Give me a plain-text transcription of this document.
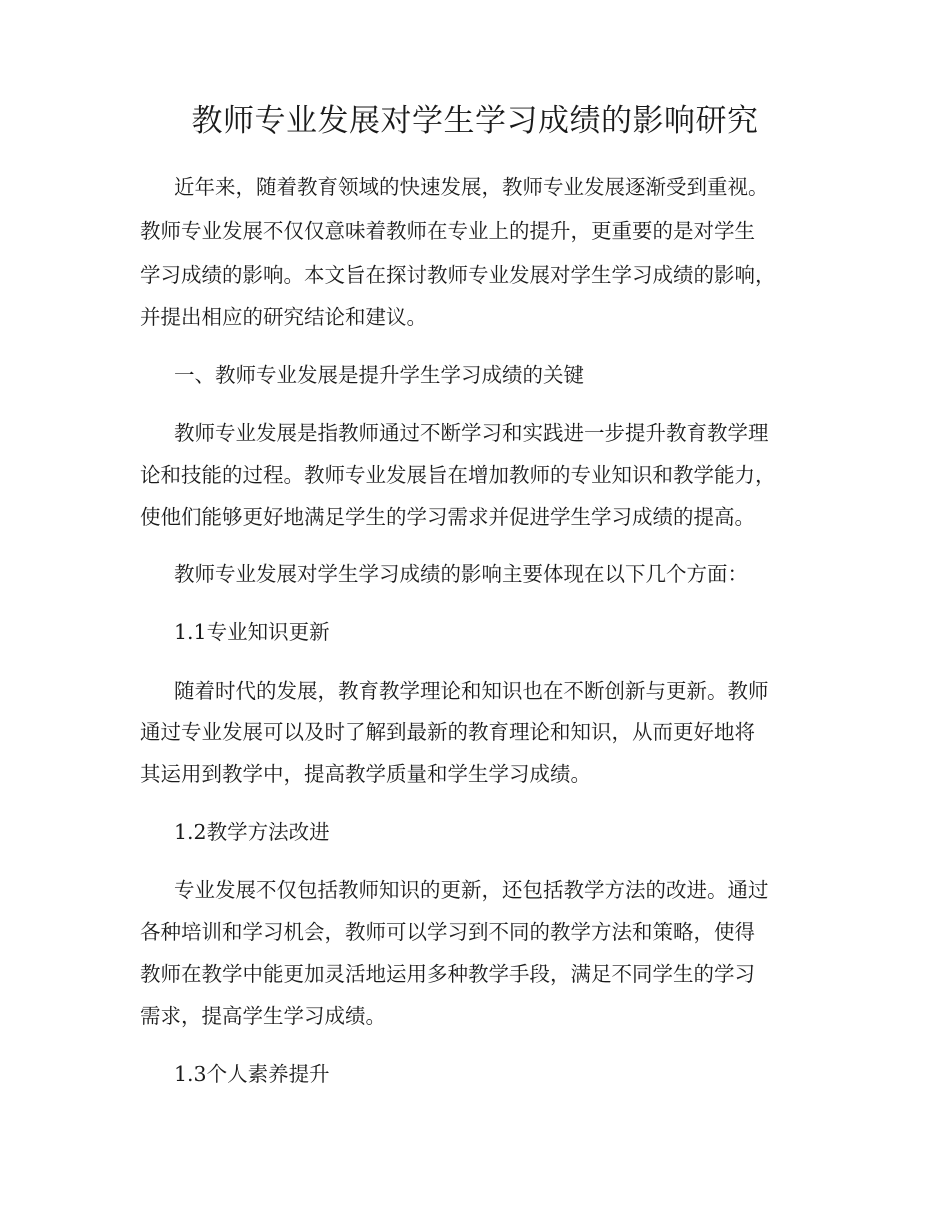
教师专业发展对学生学习成绩的影响研究

近年来，随着教育领域的快速发展，教师专业发展逐渐受到重视。

教师专业发展不仅仅意味着教师在专业上的提升，更重要的是对学生

学习成绩的影响。本文旨在探讨教师专业发展对学生学习成绩的影响，

并提出相应的研究结论和建议。

一、教师专业发展是提升学生学习成绩的关键

教师专业发展是指教师通过不断学习和实践进一步提升教育教学理

论和技能的过程。教师专业发展旨在增加教师的专业知识和教学能力，

使他们能够更好地满足学生的学习需求并促进学生学习成绩的提高。

教师专业发展对学生学习成绩的影响主要体现在以下几个方面：

1.1专业知识更新

随着时代的发展，教育教学理论和知识也在不断创新与更新。教师

通过专业发展可以及时了解到最新的教育理论和知识，从而更好地将

其运用到教学中，提高教学质量和学生学习成绩。

1.2教学方法改进

专业发展不仅包括教师知识的更新，还包括教学方法的改进。通过

各种培训和学习机会，教师可以学习到不同的教学方法和策略，使得

教师在教学中能更加灵活地运用多种教学手段，满足不同学生的学习

需求，提高学生学习成绩。

1.3个人素养提升
